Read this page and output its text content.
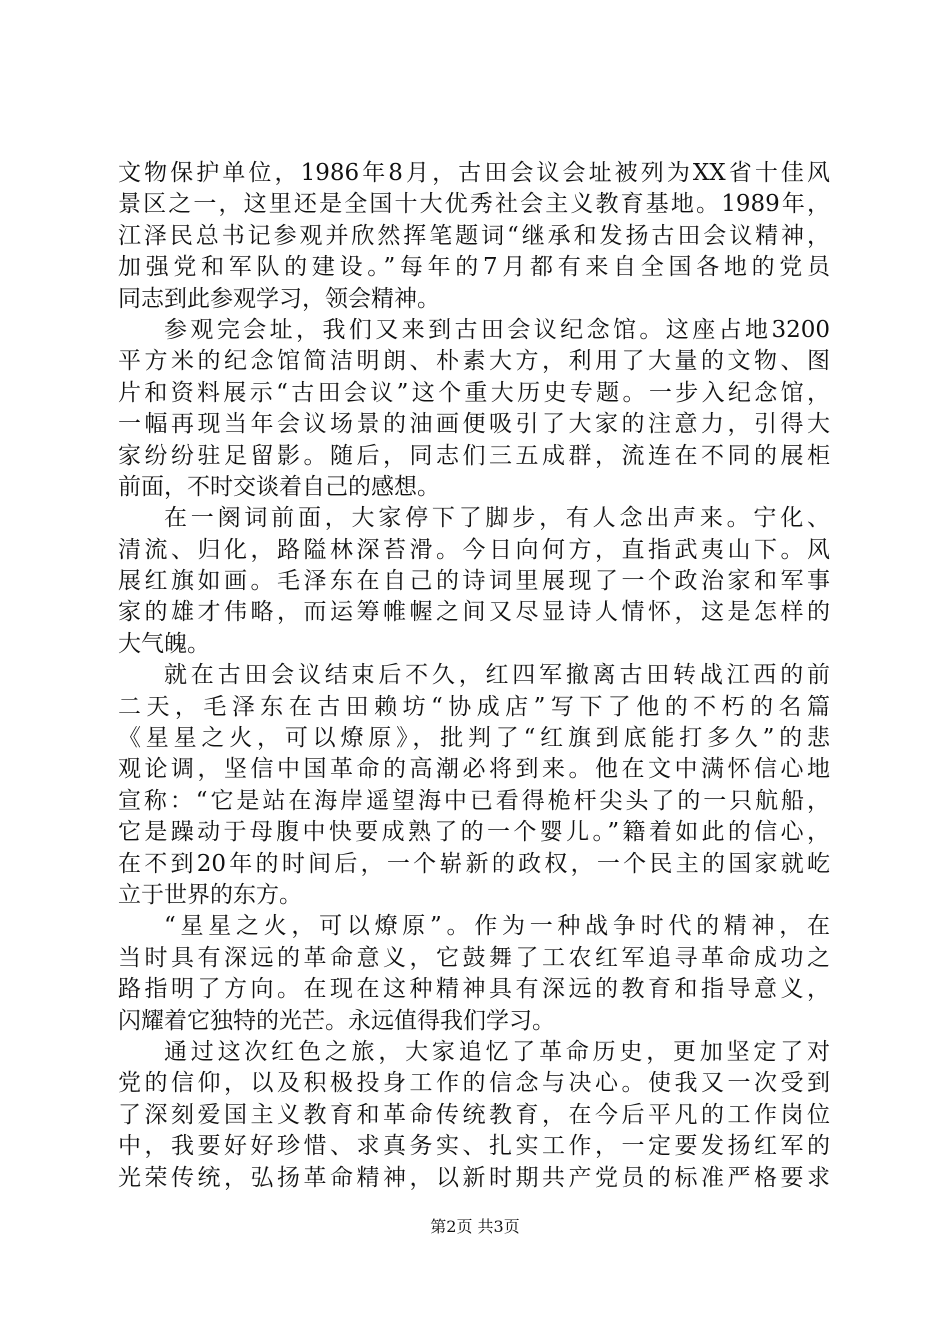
文物保护单位，1986年8月，古田会议会址被列为XX省十佳风
景区之一，这里还是全国十大优秀社会主义教育基地。1989年，
江泽民总书记参观并欣然挥笔题词“继承和发扬古田会议精神，
加强党和军队的建设。”每年的7月都有来自全国各地的党员
同志到此参观学习，领会精神。
参观完会址，我们又来到古田会议纪念馆。这座占地3200
平方米的纪念馆简洁明朗、朴素大方，利用了大量的文物、图
片和资料展示“古田会议”这个重大历史专题。一步入纪念馆，
一幅再现当年会议场景的油画便吸引了大家的注意力，引得大
家纷纷驻足留影。随后，同志们三五成群，流连在不同的展柜
前面，不时交谈着自己的感想。
在一阕词前面，大家停下了脚步，有人念出声来。宁化、
清流、归化，路隘林深苔滑。今日向何方，直指武夷山下。风
展红旗如画。毛泽东在自己的诗词里展现了一个政治家和军事
家的雄才伟略，而运筹帷幄之间又尽显诗人情怀，这是怎样的
大气魄。
就在古田会议结束后不久，红四军撤离古田转战江西的前
二天，毛泽东在古田赖坊“协成店”写下了他的不朽的名篇
《星星之火，可以燎原》，批判了“红旗到底能打多久”的悲
观论调，坚信中国革命的高潮必将到来。他在文中满怀信心地
宣称：“它是站在海岸遥望海中已看得桅杆尖头了的一只航船，
它是躁动于母腹中快要成熟了的一个婴儿。”籍着如此的信心，
在不到20年的时间后，一个崭新的政权，一个民主的国家就屹
立于世界的东方。
“星星之火，可以燎原”。作为一种战争时代的精神，在
当时具有深远的革命意义，它鼓舞了工农红军追寻革命成功之
路指明了方向。在现在这种精神具有深远的教育和指导意义，
闪耀着它独特的光芒。永远值得我们学习。
通过这次红色之旅，大家追忆了革命历史，更加坚定了对
党的信仰，以及积极投身工作的信念与决心。使我又一次受到
了深刻爱国主义教育和革命传统教育，在今后平凡的工作岗位
中，我要好好珍惜、求真务实、扎实工作，一定要发扬红军的
光荣传统，弘扬革命精神，以新时期共产党员的标准严格要求
第2页 共3页
